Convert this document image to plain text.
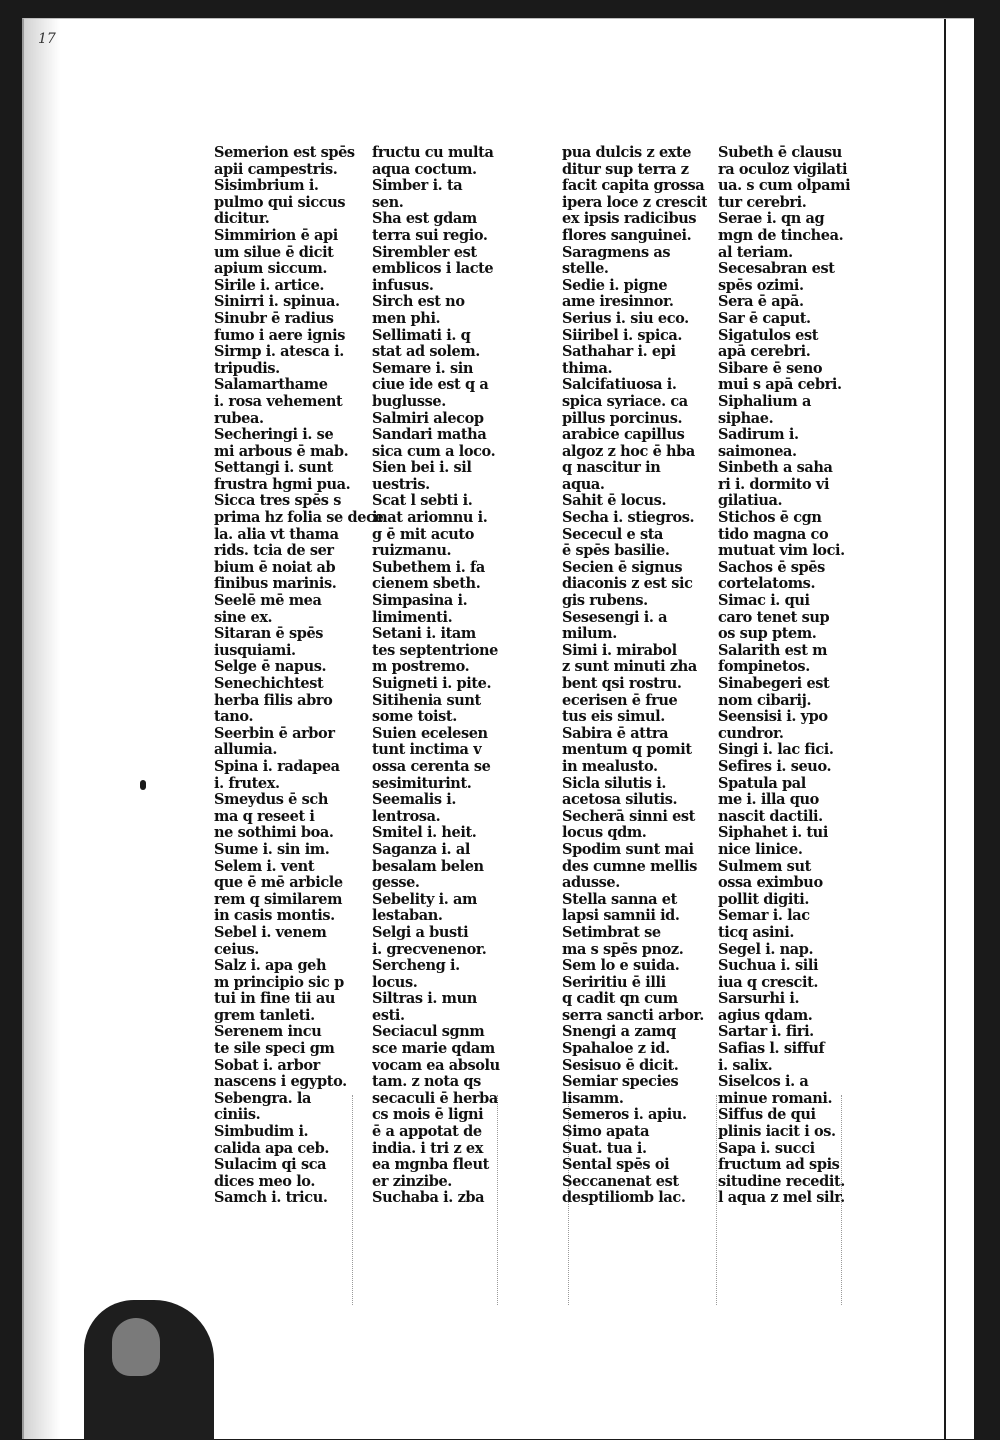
17
Semerion est spēs
apii campestris.
Sisimbrium i.
pulmo qui siccus
dicitur.
Simmirion ē api
um silue ē dicit
apium siccum.
Sirile i. artice.
Sinirri i. spinua.
Sinubr ē radius
fumo i aere ignis
Sirmp i. atesca i.
tripudis.
Salamarthame
i. rosa vehement
rubea.
Secheringi i. se
mi arbous ē mab.
Settangi i. sunt
frustra hgmi pua.
Sicca tres spēs s
prima hz folia se dece
la. alia vt thama
rids. tcia de ser
bium ē noiat ab
finibus marinis.
Seelē mē mea
sine ex.
Sitaran ē spēs
iusquiami.
Selge ē napus.
Senechichtest
herba filis abro
tano.
Seerbin ē arbor
allumia.
Spina i. radapea
i. frutex.
Smeydus ē sch
ma q reseet i
ne sothimi boa.
Sume i. sin im.
Selem i. vent
que ē mē arbicle
rem q similarem
in casis montis.
Sebel i. venem
ceius.
Salz i. apa geh
m principio sic p
tui in fine tii au
grem tanleti.
Serenem incu
te sile speci gm
Sobat i. arbor
nascens i egypto.
Sebengra. la
ciniis.
Simbudim i.
calida apa ceb.
Sulacim qi sca
dices meo lo.
Samch i. tricu.
fructu cu multa
aqua coctum.
Simber i. ta
sen.
Sha est gdam
terra sui regio.
Sirembler est
emblicos i lacte
infusus.
Sirch est no
men phi.
Sellimati i. q
stat ad solem.
Semare i. sin
ciue ide est q a
buglusse.
Salmiri alecop
Sandari matha
sica cum a loco.
Sien bei i. sil
uestris.
Scat l sebti i.
inat ariomnu i.
g ē mit acuto
ruizmanu.
Subethem i. fa
cienem sbeth.
Simpasina i.
limimenti.
Setani i. itam
tes septentrione
m postremo.
Suigneti i. pite.
Sitihenia sunt
some toist.
Suien ecelesen
tunt inctima v
ossa cerenta se
sesimiturint.
Seemalis i.
lentrosa.
Smitel i. heit.
Saganza i. al
besalam belen
gesse.
Sebelity i. am
lestaban.
Selgi a busti
i. grecvenenor.
Sercheng i.
locus.
Siltras i. mun
esti.
Seciacul sgnm
sce marie qdam
vocam ea absolu
tam. z nota qs
secaculi ē herba
cs mois ē ligni
ē a appotat de
india. i tri z ex
ea mgnba fleut
er zinzibe.
Suchaba i. zba
pua dulcis z exte
ditur sup terra z
facit capita grossa
ipera loce z crescit
ex ipsis radicibus
flores sanguinei.
Saragmens as
stelle.
Sedie i. pigne
ame iresinnor.
Serius i. siu eco.
Siiribel i. spica.
Sathahar i. epi
thima.
Salcifatiuosa i.
spica syriace. ca
pillus porcinus.
arabice capillus
algoz z hoc ē hba
q nascitur in
aqua.
Sahit ē locus.
Secha i. stiegros.
Sececul e sta
ē spēs basilie.
Secien ē signus
diaconis z est sic
gis rubens.
Sesesengi i. a
milum.
Simi i. mirabol
z sunt minuti zha
bent qsi rostru.
ecerisen ē frue
tus eis simul.
Sabira ē attra
mentum q pomit
in mealusto.
Sicla silutis i.
acetosa silutis.
Secherā sinni est
locus qdm.
Spodim sunt mai
des cumne mellis
adusse.
Stella sanna et
lapsi samnii id.
Setimbrat se
ma s spēs pnoz.
Sem lo e suida.
Seriritiu ē illi
q cadit qn cum
serra sancti arbor.
Snengi a zamq
Spahaloe z id.
Sesisuo ē dicit.
Semiar species
lisamm.
Semeros i. apiu.
Simo apata
Suat. tua i.
Sental spēs oi
Seccanenat est
desptiliomb lac.
Subeth ē clausu
ra oculoz vigilati
ua. s cum olpami
tur cerebri.
Serae i. qn ag
mgn de tinchea.
al teriam.
Secesabran est
spēs ozimi.
Sera ē apā.
Sar ē caput.
Sigatulos est
apā cerebri.
Sibare ē seno
mui s apā cebri.
Siphalium a
siphae.
Sadirum i.
saimonea.
Sinbeth a saha
ri i. dormito vi
gilatiua.
Stichos ē cgn
tido magna co
mutuat vim loci.
Sachos ē spēs
cortelatoms.
Simac i. qui
caro tenet sup
os sup ptem.
Salarith est m
fompinetos.
Sinabegeri est
nom cibarij.
Seensisi i. ypo
cundror.
Singi i. lac fici.
Sefires i. seuo.
Spatula pal
me i. illa quo
nascit dactili.
Siphahet i. tui
nice linice.
Sulmem sut
ossa eximbuo
pollit digiti.
Semar i. lac
ticq asini.
Segel i. nap.
Suchua i. sili
iua q crescit.
Sarsurhi i.
agius qdam.
Sartar i. firi.
Safias l. siffuf
i. salix.
Siselcos i. a
minue romani.
Siffus de qui
plinis iacit i os.
Sapa i. succi
fructum ad spis
situdine recedit.
l aqua z mel silr.
